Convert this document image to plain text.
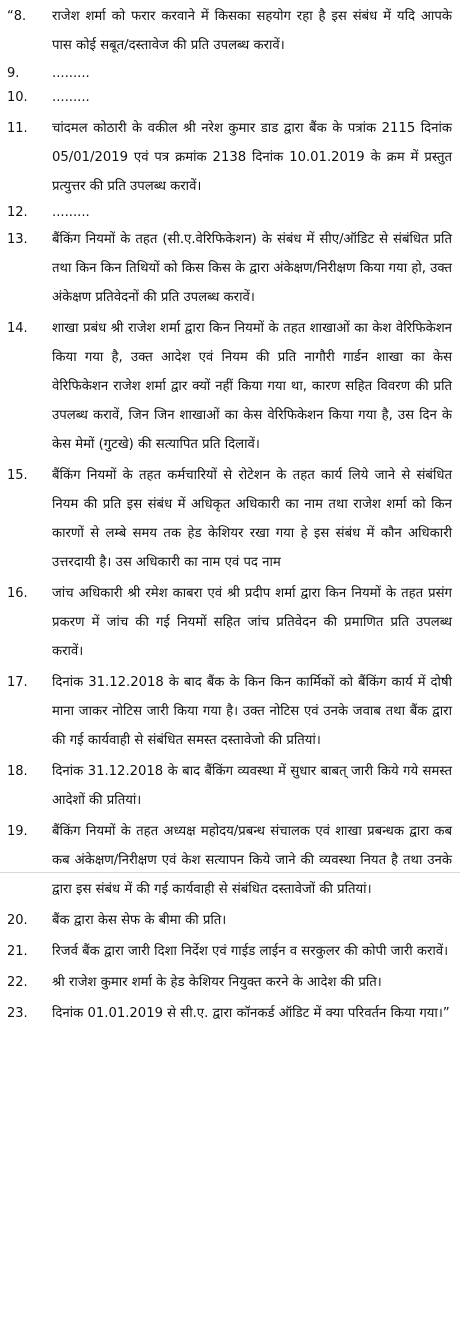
“8.	राजेश शर्मा को फरार करवाने में किसका सहयोग रहा है इस संबंध में यदि आपके पास कोई सबूत/दस्तावेज की प्रति उपलब्ध करावें।
9.	.........
10.	.........
11.	चांदमल कोठारी के वकील श्री नरेश कुमार डाड द्वारा बैंक के पत्रांक 2115 दिनांक 05/01/2019 एवं पत्र क्रमांक 2138 दिनांक 10.01.2019 के क्रम में प्रस्तुत प्रत्युत्तर की प्रति उपलब्ध करावें।
12.	.........
13.	बैंकिंग नियमों के तहत (सी.ए.वेरिफिकेशन) के संबंध में सीए/ऑडिट से संबंधित प्रति तथा किन किन तिथियों को किस किस के द्वारा अंकेक्षण/निरीक्षण किया गया हो, उक्त अंकेक्षण प्रतिवेदनों की प्रति उपलब्ध करावें।
14.	शाखा प्रबंध श्री राजेश शर्मा द्वारा किन नियमों के तहत शाखाओं का केश वेरिफिकेशन किया गया है, उक्त आदेश एवं नियम की प्रति नागौरी गार्डन शाखा का केस वेरिफिकेशन राजेश शर्मा द्वार क्यों नहीं किया गया था, कारण सहित विवरण की प्रति उपलब्ध करावें, जिन जिन शाखाओं का केस वेरिफिकेशन किया गया है, उस दिन के केस मेमों (गुटखे) की सत्यापित प्रति दिलावें।
15.	बैंकिंग नियमों के तहत कर्मचारियों से रोटेशन के तहत कार्य लिये जाने से संबंधित नियम की प्रति इस संबंध में अधिकृत अधिकारी का नाम तथा राजेश शर्मा को किन कारणों से लम्बे समय तक हेड केशियर रखा गया हे इस संबंध में कौन अधिकारी उत्तरदायी है। उस अधिकारी का नाम एवं पद नाम
16.	जांच अधिकारी श्री रमेश काबरा एवं श्री प्रदीप शर्मा द्वारा किन नियमों के तहत प्रसंग प्रकरण में जांच की गई नियमों सहित जांच प्रतिवेदन की प्रमाणित प्रति उपलब्ध करावें।
17.	दिनांक 31.12.2018 के बाद बैंक के किन किन कार्मिकों को बैंकिंग कार्य में दोषी माना जाकर नोटिस जारी किया गया है। उक्त नोटिस एवं उनके जवाब तथा बैंक द्वारा की गई कार्यवाही से संबंधित समस्त दस्तावेजो की प्रतियां।
18.	दिनांक 31.12.2018 के बाद बैंकिंग व्यवस्था में सुधार बाबत् जारी किये गये समस्त आदेशों की प्रतियां।
19.	बैंकिंग नियमों के तहत अध्यक्ष महोदय/प्रबन्ध संचालक एवं शाखा प्रबन्धक द्वारा कब कब अंकेक्षण/निरीक्षण एवं केश सत्यापन किये जाने की व्यवस्था नियत है तथा उनके द्वारा इस संबंध में की गई कार्यवाही से संबंधित दस्तावेजों की प्रतियां।
20.	बैंक द्वारा केस सेफ के बीमा की प्रति।
21.	रिजर्व बैंक द्वारा जारी दिशा निर्देश एवं गाईड लाईन व सरकुलर की कोपी जारी करावें।
22.	श्री राजेश कुमार शर्मा के हेड केशियर नियुक्त करने के आदेश की प्रति।
23.	दिनांक 01.01.2019 से सी.ए. द्वारा कॉनकर्ड ऑडिट में क्या परिवर्तन किया गया।”
